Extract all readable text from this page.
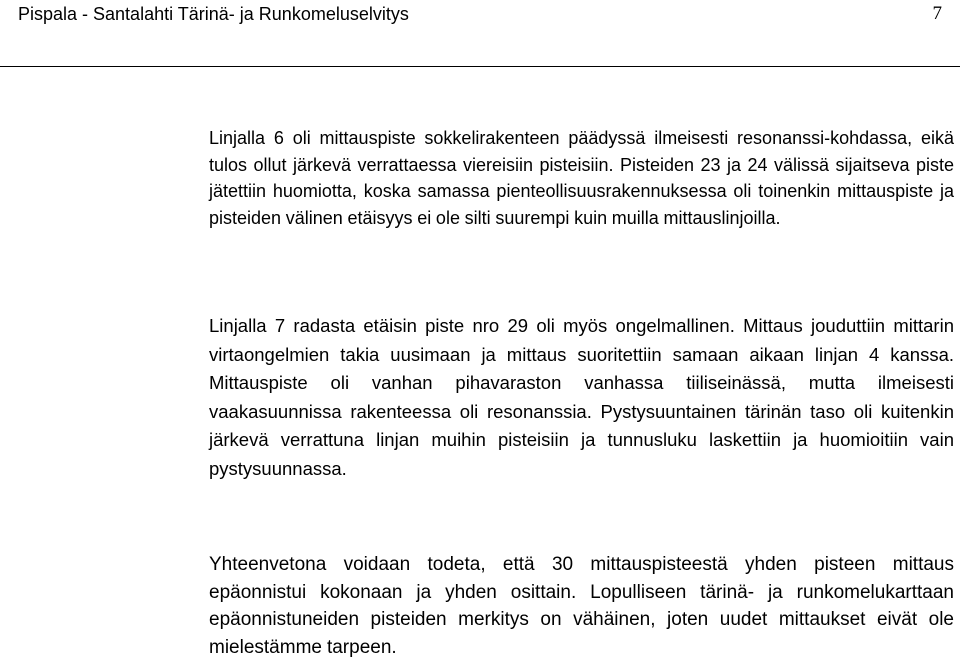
Pispala - Santalahti Tärinä- ja Runkomeluselvitys	7

Linjalla 6 oli mittauspiste sokkelirakenteen päädyssä ilmeisesti resonanssi-kohdassa, eikä tulos ollut järkevä verrattaessa viereisiin pisteisiin. Pisteiden 23 ja 24 välissä sijaitseva piste jätettiin huomiotta, koska samassa pienteollisuusrakennuksessa oli toinenkin mittauspiste ja pisteiden välinen etäisyys ei ole silti suurempi kuin muilla mittauslinjoilla.

Linjalla 7 radasta etäisin piste nro 29 oli myös ongelmallinen. Mittaus jouduttiin mittarin virtaongelmien takia uusimaan ja mittaus suoritettiin samaan aikaan linjan 4 kanssa. Mittauspiste oli vanhan pihavaraston vanhassa tiiliseinässä, mutta ilmeisesti vaakasuunnissa rakenteessa oli resonanssia. Pystysuuntainen tärinän taso oli kuitenkin järkevä verrattuna linjan muihin pisteisiin ja tunnusluku laskettiin ja huomioitiin vain pystysuunnassa.

Yhteenvetona voidaan todeta, että 30 mittauspisteestä yhden pisteen mittaus epäonnistui kokonaan ja yhden osittain. Lopulliseen tärinä- ja runkomelukarttaan epäonnistuneiden pisteiden merkitys on vähäinen, joten uudet mittaukset eivät ole mielestämme tarpeen.
